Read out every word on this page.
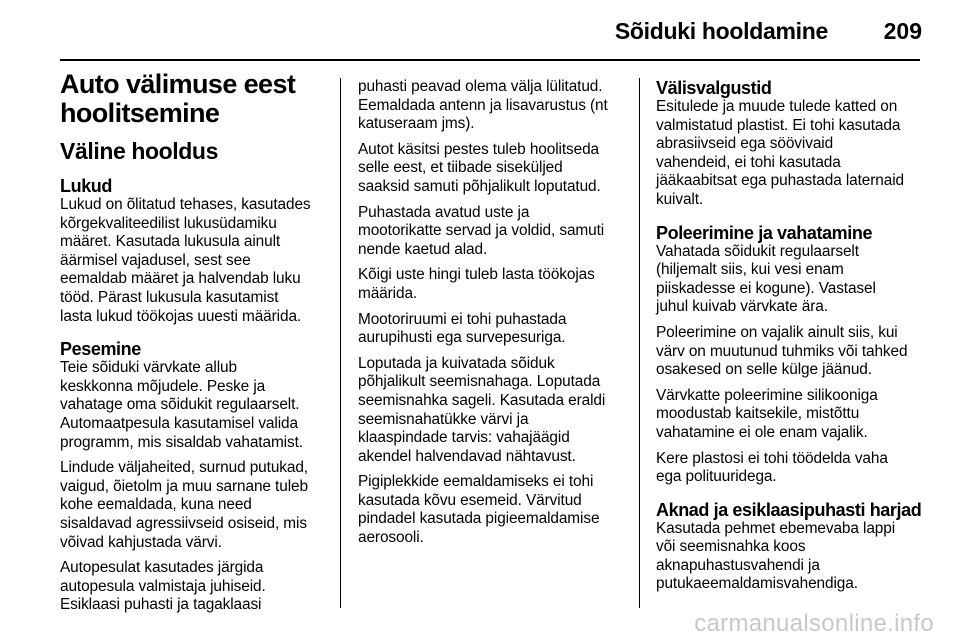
Sõiduki hooldamine 209
Auto välimuse eest
hoolitsemine
Väline hooldus
Lukud

Lukud on õlitatud tehases, kasutades
kõrgekvaliteedilist lukusüdamiku
määret. Kasutada lukusula ainult
äärmisel vajadusel, sest see
eemaldab määret ja halvendab luku
tööd. Pärast lukusula kasutamist
lasta lukud töökojas uuesti määrida.

Pesemine

Teie sõiduki värvkate allub
keskkonna mõjudele. Peske ja
vahatage oma sõidukit regulaarselt.
Automaatpesula kasutamisel valida
programm, mis sisaldab vahatamist.

Lindude väljaheited, surnud putukad,
vaigud, õietolm ja muu sarnane tuleb
kohe eemaldada, kuna need
sisaldavad agressiivseid osiseid, mis
võivad kahjustada värvi.

Autopesulat kasutades järgida
autopesula valmistaja juhiseid.
Esiklaasi puhasti ja tagaklaasi

puhasti peavad olema välja lülitatud.
Eemaldada antenn ja lisavarustus (nt
katuseraam jms).

Autot käsitsi pestes tuleb hoolitseda
selle eest, et tiibade siseküljed
saaksid samuti põhjalikult loputatud.

Puhastada avatud uste ja
mootorikatte servad ja voldid, samuti
nende kaetud alad.

Kõigi uste hingi tuleb lasta töökojas
määrida.

Mootoriruumi ei tohi puhastada
aurupihusti ega survepesuriga.

Loputada ja kuivatada sõiduk
põhjalikult seemisnahaga. Loputada
seemisnahka sageli. Kasutada eraldi
seemisnahatükke värvi ja
klaaspindade tarvis: vahajäägid
akendel halvendavad nähtavust.

Pigiplekkide eemaldamiseks ei tohi
kasutada kõvu esemeid. Värvitud
pindadel kasutada pigieemaldamise
aerosooli.

Välisvalgustid

Esitulede ja muude tulede katted on
valmistatud plastist. Ei tohi kasutada
abrasiivseid ega söövivaid
vahendeid, ei tohi kasutada
jääkaabitsat ega puhastada laternaid
kuivalt.

Poleerimine ja vahatamine

Vahatada sõidukit regulaarselt
(hiljemalt siis, kui vesi enam
piiskadesse ei kogune). Vastasel
juhul kuivab värvkate ära.

Poleerimine on vajalik ainult siis, kui
värv on muutunud tuhmiks või tahked
osakesed on selle külge jäänud.

Värvkatte poleerimine silikooniga
moodustab kaitsekile, mistõttu
vahatamine ei ole enam vajalik.

Kere plastosi ei tohi töödelda vaha
ega polituuridega.

Aknad ja esiklaasipuhasti harjad

Kasutada pehmet ebemevaba lappi
või seemisnahka koos
aknapuhastusvahendi ja
putukaeemaldamisvahendiga.

carmanualsonline.info
